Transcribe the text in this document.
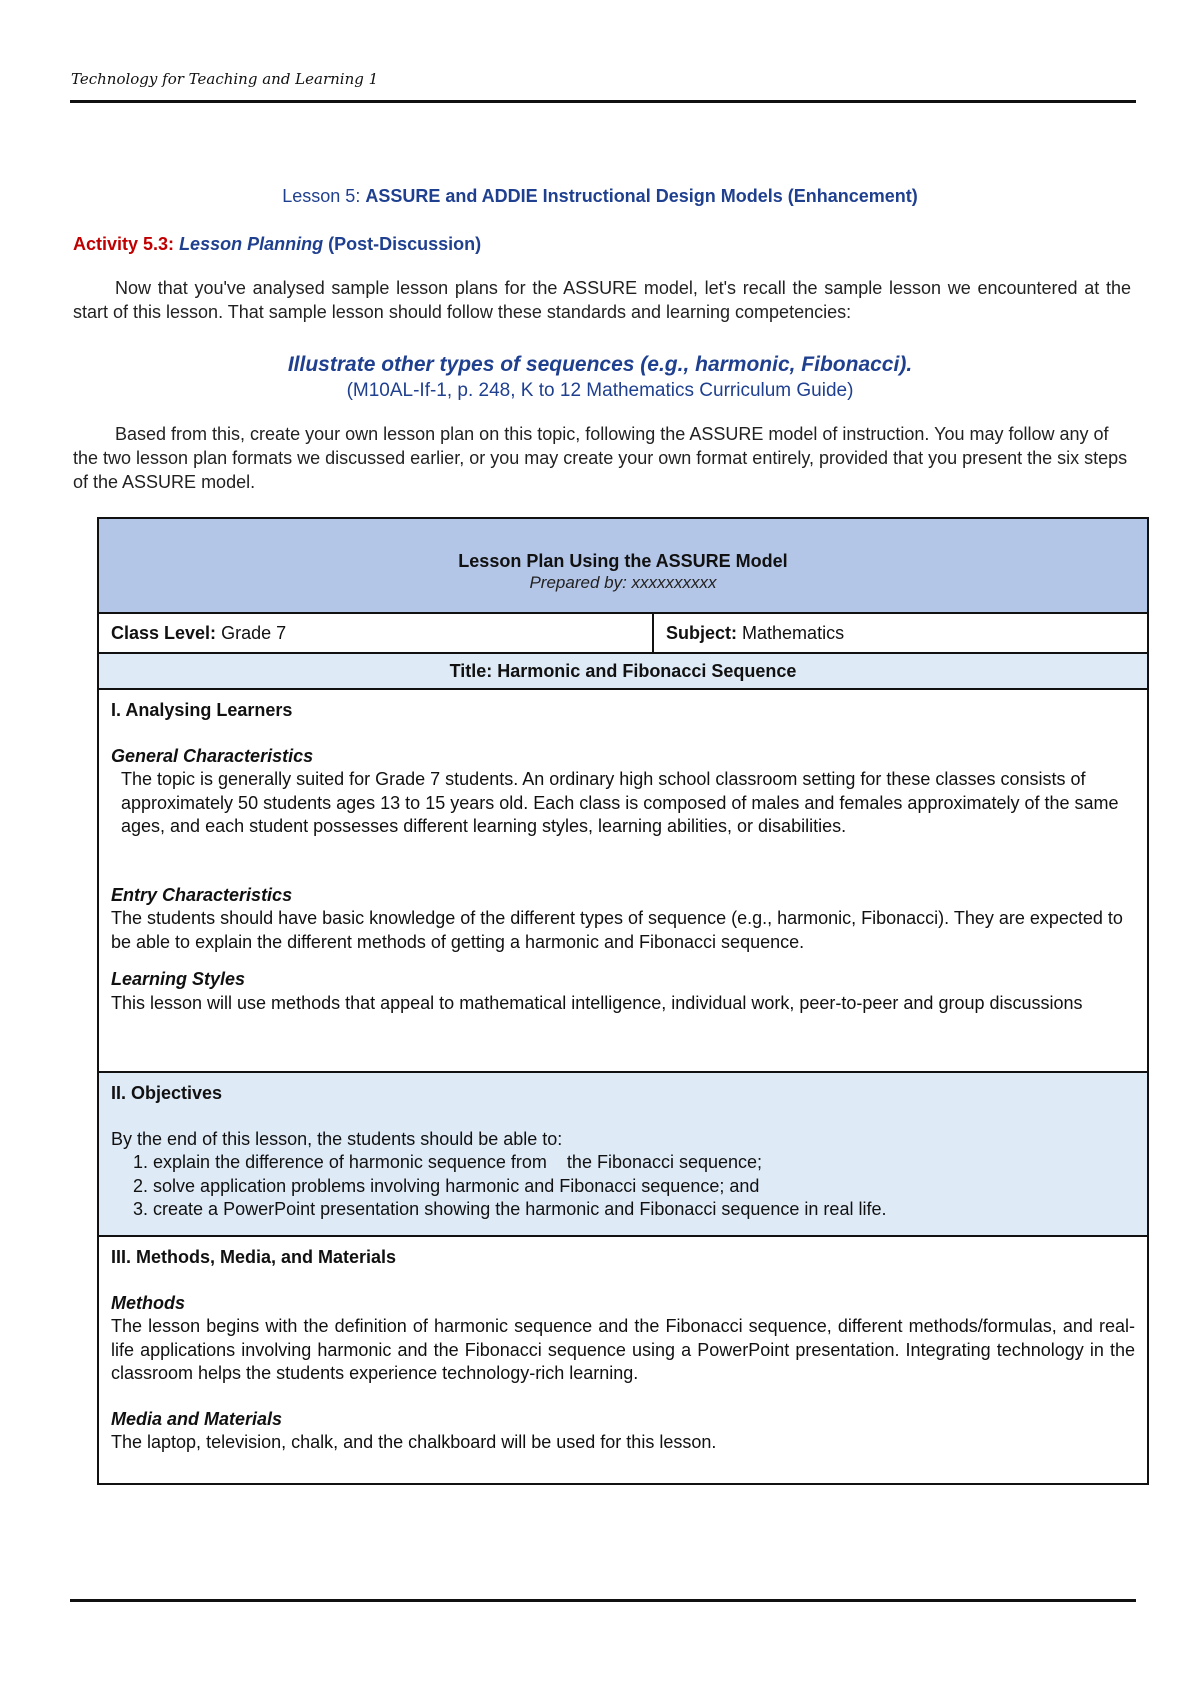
Technology for Teaching and Learning 1
Lesson 5: ASSURE and ADDIE Instructional Design Models (Enhancement)
Activity 5.3: Lesson Planning (Post-Discussion)
Now that you've analysed sample lesson plans for the ASSURE model, let's recall the sample lesson we encountered at the start of this lesson. That sample lesson should follow these standards and learning competencies:
Illustrate other types of sequences (e.g., harmonic, Fibonacci).
(M10AL-If-1, p. 248, K to 12 Mathematics Curriculum Guide)
Based from this, create your own lesson plan on this topic, following the ASSURE model of instruction. You may follow any of the two lesson plan formats we discussed earlier, or you may create your own format entirely, provided that you present the six steps of the ASSURE model.
Lesson Plan Using the ASSURE Model
Prepared by: xxxxxxxxxx
Class Level: Grade 7	Subject: Mathematics
Title: Harmonic and Fibonacci Sequence
I. Analysing Learners
General Characteristics

The topic is generally suited for Grade 7 students. An ordinary high school classroom setting for these classes consists of approximately 50 students ages 13 to 15 years old. Each class is composed of males and females approximately of the same ages, and each student possesses different learning styles, learning abilities, or disabilities.

Entry Characteristics

The students should have basic knowledge of the different types of sequence (e.g., harmonic, Fibonacci). They are expected to be able to explain the different methods of getting a harmonic and Fibonacci sequence.

Learning Styles

This lesson will use methods that appeal to mathematical intelligence, individual work, peer-to-peer and group discussions

II. Objectives

By the end of this lesson, the students should be able to:

1. explain the difference of harmonic sequence from    the Fibonacci sequence;
2. solve application problems involving harmonic and Fibonacci sequence; and
3. create a PowerPoint presentation showing the harmonic and Fibonacci sequence in real life.
III. Methods, Media, and Materials
Methods

The lesson begins with the definition of harmonic sequence and the Fibonacci sequence, different methods/formulas, and real-life applications involving harmonic and the Fibonacci sequence using a PowerPoint presentation. Integrating technology in the classroom helps the students experience technology-rich learning.

Media and Materials

The laptop, television, chalk, and the chalkboard will be used for this lesson.
